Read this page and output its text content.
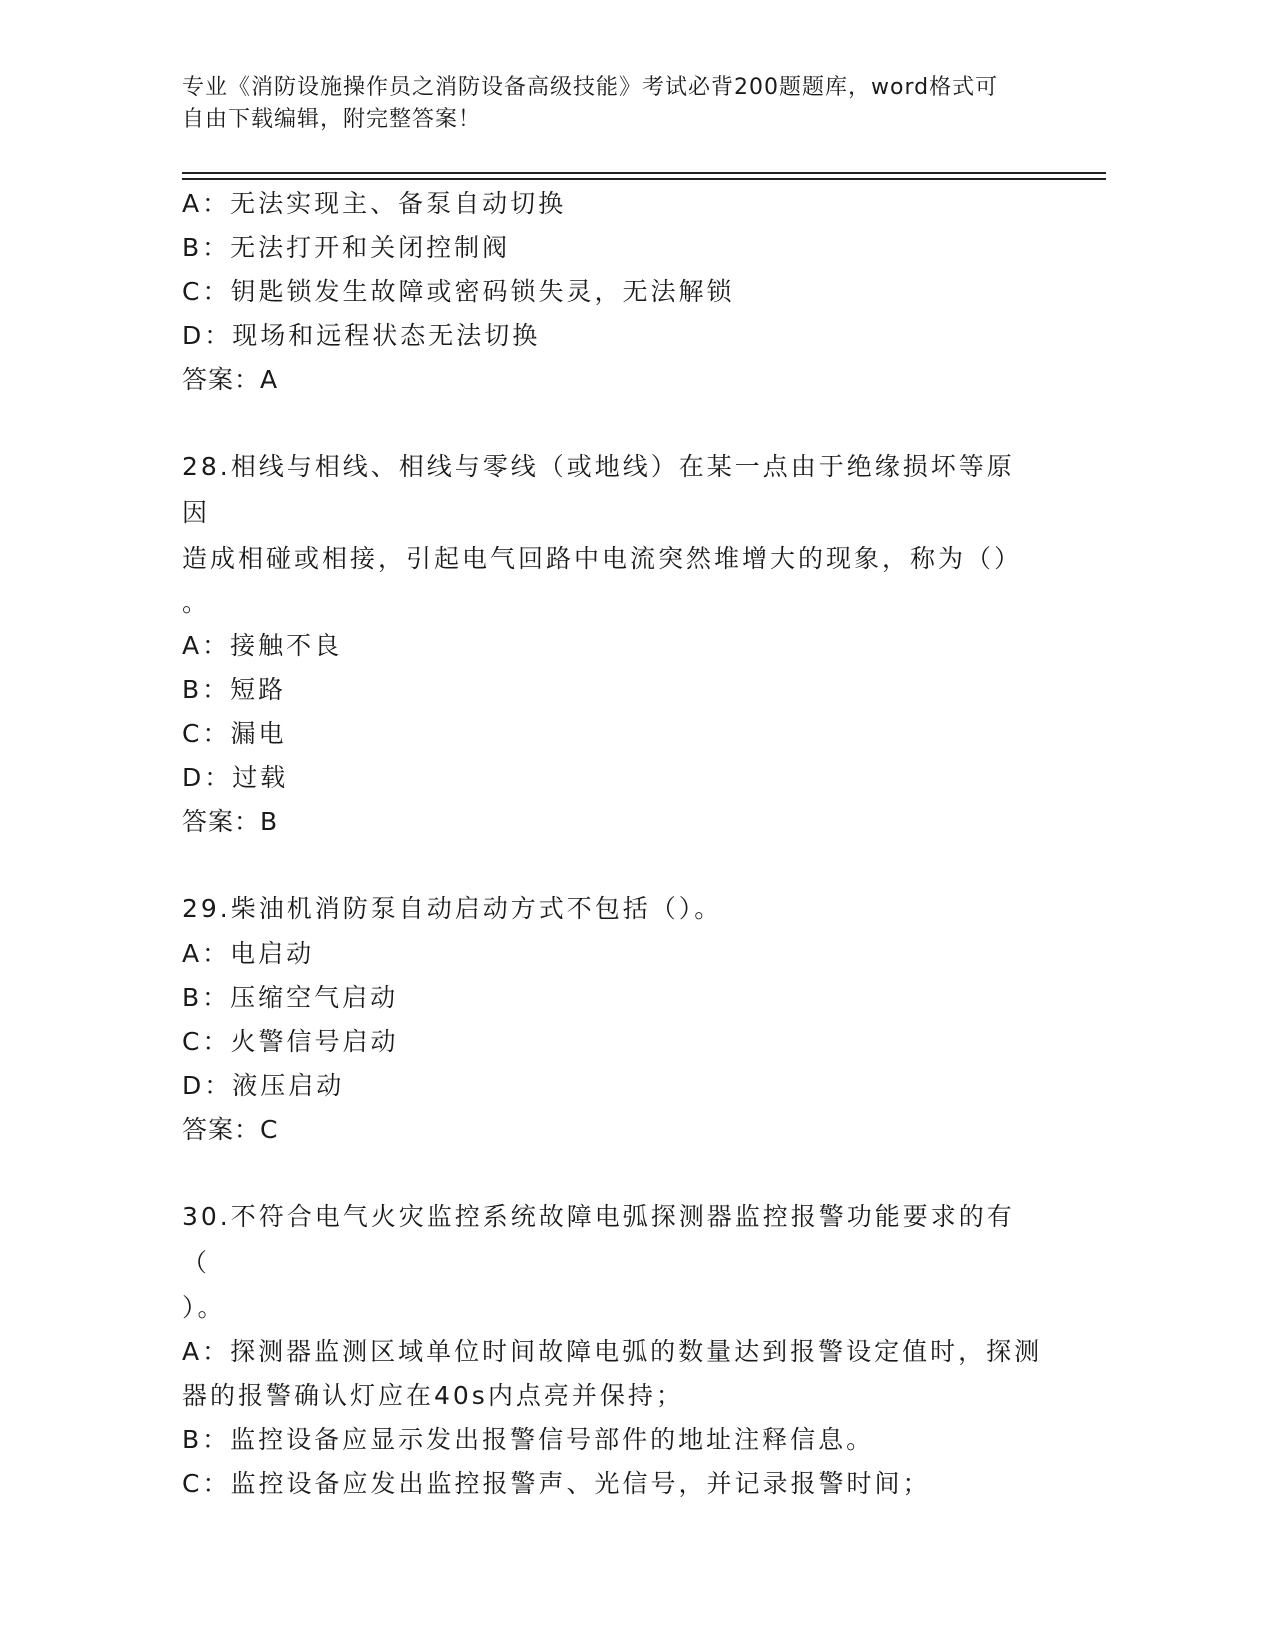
专业《消防设施操作员之消防设备高级技能》考试必背200题题库，word格式可
自由下载编辑，附完整答案！
A：无法实现主、备泵自动切换
B：无法打开和关闭控制阀
C：钥匙锁发生故障或密码锁失灵，无法解锁
D：现场和远程状态无法切换
答案：A
28.相线与相线、相线与零线（或地线）在某一点由于绝缘损坏等原因
造成相碰或相接，引起电气回路中电流突然堆增大的现象，称为（）
。
A：接触不良
B：短路
C：漏电
D：过载
答案：B
29.柴油机消防泵自动启动方式不包括（）。
A：电启动
B：压缩空气启动
C：火警信号启动
D：液压启动
答案：C
30.不符合电气火灾监控系统故障电弧探测器监控报警功能要求的有（
）。
A：探测器监测区域单位时间故障电弧的数量达到报警设定值时，探测
器的报警确认灯应在40s内点亮并保持；
B：监控设备应显示发出报警信号部件的地址注释信息。
C：监控设备应发出监控报警声、光信号，并记录报警时间；
